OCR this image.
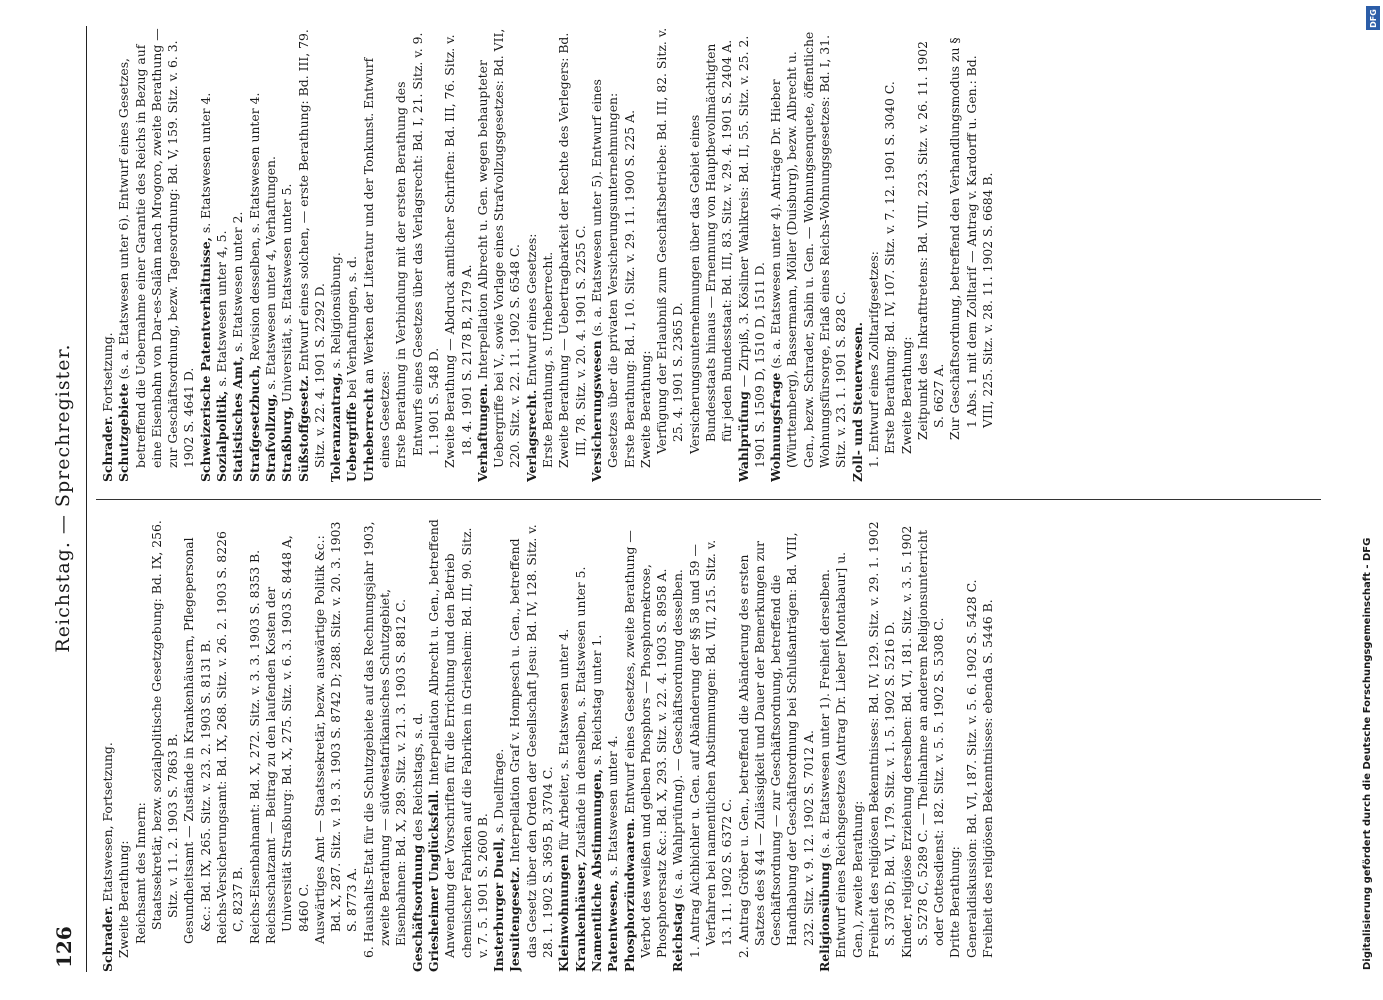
126
Reichstag. — Sprechregister.

Schrader. Etatswesen, Fortsetzung. Zweite Berathung: Reichsamt des Innern: Staatssekretär, bezw. sozialpolitische Gesetzgebung: Bd. IX, 256. Sitz. v. 11. 2. 1903 S. 7863 B. Gesundheitsamt — Zustände in Krankenhäusern, Pflegepersonal &c.: Bd. IX, 265. Sitz. v. 23. 2. 1903 S. 8131 B. Reichs-Versicherungsamt: Bd. IX, 268. Sitz. v. 26. 2. 1903 S. 8226 C, 8237 B. Reichs-Eisenbahnamt: Bd. X, 272. Sitz. v. 3. 3. 1903 S. 8353 B. Reichsschatzamt — Beitrag zu den laufenden Kosten der Universität Straßburg: Bd. X, 275. Sitz. v. 6. 3. 1903 S. 8448 A, 8460 C. Auswärtiges Amt — Staatssekretär, bezw. auswärtige Politik &c.: Bd. X, 287. Sitz. v. 19. 3. 1903 S. 8742 D; 288. Sitz. v. 20. 3. 1903 S. 8773 A. 6. Haushalts-Etat für die Schutzgebiete auf das Rechnungsjahr 1903, zweite Berathung — südwestafrikanisches Schutzgebiet, Eisenbahnen: Bd. X, 289. Sitz. v. 21. 3. 1903 S. 8812 C. Geschäftsordnung des Reichstags, s. d.

Griesheimer Unglücksfall. Interpellation Albrecht u. Gen., betreffend Anwendung der Vorschriften für die Errichtung und den Betrieb chemischer Fabriken auf die Fabriken in Griesheim: Bd. III, 90. Sitz. v. 7. 5. 1901 S. 2600 B. Insterburger Duell, s. Duellfrage.

Jesuitengesetz. Interpellation Graf v. Hompesch u. Gen., betreffend das Gesetz über den Orden der Gesellschaft Jesu: Bd. IV, 128. Sitz. v. 28. 1. 1902 S. 3695 B, 3704 C. Kleinwohnungen für Arbeiter, s. Etatswesen unter 4.

Krankenhäuser, Zustände in denselben, s. Etatswesen unter 5.

Namentliche Abstimmungen, s. Reichstag unter 1.

Patentwesen, s. Etatswesen unter 4.

Phosphorzündwaaren. Entwurf eines Gesetzes, zweite Berathung — Verbot des weißen und gelben Phosphors — Phosphornekrose, Phosphorersatz &c.: Bd. X, 293. Sitz. v. 22. 4. 1903 S. 8958 A. Reichstag (s. a. Wahlprüfung). — Geschäftsordnung desselben. 1. Antrag Aichbichler u. Gen. auf Abänderung der §§ 58 und 59 — Verfahren bei namentlichen Abstimmungen: Bd. VII, 215. Sitz. v. 13. 11. 1902 S. 6372 C. 2. Antrag Gröber u. Gen., betreffend die Abänderung des ersten Satzes des § 44 — Zulässigkeit und Dauer der Bemerkungen zur Geschäftsordnung — zur Geschäftsordnung, betreffend die Handhabung der Geschäftsordnung bei Schlußanträgen: Bd. VIII, 232. Sitz. v. 9. 12. 1902 S. 7012 A. Religionsübung (s. a. Etatswesen unter 1). Freiheit derselben. Entwurf eines Reichsgesetzes (Antrag Dr. Lieber [Montabaur] u. Gen.), zweite Berathung: Freiheit des religiösen Bekenntnisses: Bd. IV, 129. Sitz. v. 29. 1. 1902 S. 3736 D; Bd. VI, 179. Sitz. v. 1. 5. 1902 S. 5216 D. Kinder, religiöse Erziehung derselben: Bd. VI, 181. Sitz. v. 3. 5. 1902 S. 5278 C, 5289 C. — Theilnahme an anderem Religionsunterricht oder Gottesdienst: 182. Sitz. v. 5. 5. 1902 S. 5308 C. Dritte Berathung: Generaldiskussion: Bd. VI, 187. Sitz. v. 5. 6. 1902 S. 5428 C. Freiheit des religiösen Bekenntnisses: ebenda S. 5446 B.

Schrader. Fortsetzung.

Schutzgebiete (s. a. Etatswesen unter 6). Entwurf eines Gesetzes, betreffend die Uebernahme einer Garantie des Reichs in Bezug auf eine Eisenbahn von Dar-es-Salâm nach Mrogoro, zweite Berathung — zur Geschäftsordnung, bezw. Tagesordnung: Bd. V, 159. Sitz. v. 6. 3. 1902 S. 4641 D. Schweizerische Patentverhältnisse, s. Etatswesen unter 4.

Sozialpolitik, s. Etatswesen unter 4, 5.

Statistisches Amt, s. Etatswesen unter 2.

Strafgesetzbuch, Revision desselben, s. Etatswesen unter 4.

Strafvollzug, s. Etatswesen unter 4, Verhaftungen.

Straßburg, Universität, s. Etatswesen unter 5.

Süßstoffgesetz. Entwurf eines solchen, — erste Berathung: Bd. III, 79. Sitz. v. 22. 4. 1901 S. 2292 D. Toleranzantrag, s. Religionsübung.

Uebergriffe bei Verhaftungen, s. d.

Urheberrecht an Werken der Literatur und der Tonkunst. Entwurf eines Gesetzes: Erste Berathung in Verbindung mit der ersten Berathung des Entwurfs eines Gesetzes über das Verlagsrecht: Bd. I, 21. Sitz. v. 9. 1. 1901 S. 548 D. Zweite Berathung — Abdruck amtlicher Schriften: Bd. III, 76. Sitz. v. 18. 4. 1901 S. 2178 B, 2179 A. Verhaftungen. Interpellation Albrecht u. Gen. wegen behaupteter Uebergriffe bei V., sowie Vorlage eines Strafvollzugsgesetzes: Bd. VII, 220. Sitz. v. 22. 11. 1902 S. 6548 C. Verlagsrecht. Entwurf eines Gesetzes: Erste Berathung, s. Urheberrecht. Zweite Berathung — Uebertragbarkeit der Rechte des Verlegers: Bd. III, 78. Sitz. v. 20. 4. 1901 S. 2255 C. Versicherungswesen (s. a. Etatswesen unter 5). Entwurf eines Gesetzes über die privaten Versicherungsunternehmungen: Erste Berathung: Bd. I, 10. Sitz. v. 29. 11. 1900 S. 225 A. Zweite Berathung: Verfügung der Erlaubniß zum Geschäftsbetriebe: Bd. III, 82. Sitz. v. 25. 4. 1901 S. 2365 D. Versicherungsunternehmungen über das Gebiet eines Bundesstaats hinaus — Ernennung von Hauptbevollmächtigten für jeden Bundesstaat: Bd. III, 83. Sitz. v. 29. 4. 1901 S. 2404 A. Wahlprüfung — Zirpiß, 3. Kösliner Wahlkreis: Bd. II, 55. Sitz. v. 25. 2. 1901 S. 1509 D, 1510 D, 1511 D. Wohnungsfrage (s. a. Etatswesen unter 4). Anträge Dr. Hieber (Württemberg), Bassermann, Möller (Duisburg), bezw. Albrecht u. Gen., bezw. Schrader, Sabin u. Gen. — Wohnungsenquete, öffentliche Wohnungsfürsorge, Erlaß eines Reichs-Wohnungsgesetzes: Bd. I, 31. Sitz. v. 23. 1. 1901 S. 828 C. Zoll- und Steuerwesen. 1. Entwurf eines Zolltarifgesetzes: Erste Berathung: Bd. IV, 107. Sitz. v. 7. 12. 1901 S. 3040 C. Zweite Berathung: Zeitpunkt des Inkrafttretens: Bd. VIII, 223. Sitz. v. 26. 11. 1902 S. 6627 A. Zur Geschäftsordnung, betreffend den Verhandlungsmodus zu § 1 Abs. 1 mit dem Zolltarif — Antrag v. Kardorff u. Gen.: Bd. VIII, 225. Sitz. v. 28. 11. 1902 S. 6684 B.

DFG
Digitalisierung gefördert durch die Deutsche Forschungsgemeinschaft - DFG
